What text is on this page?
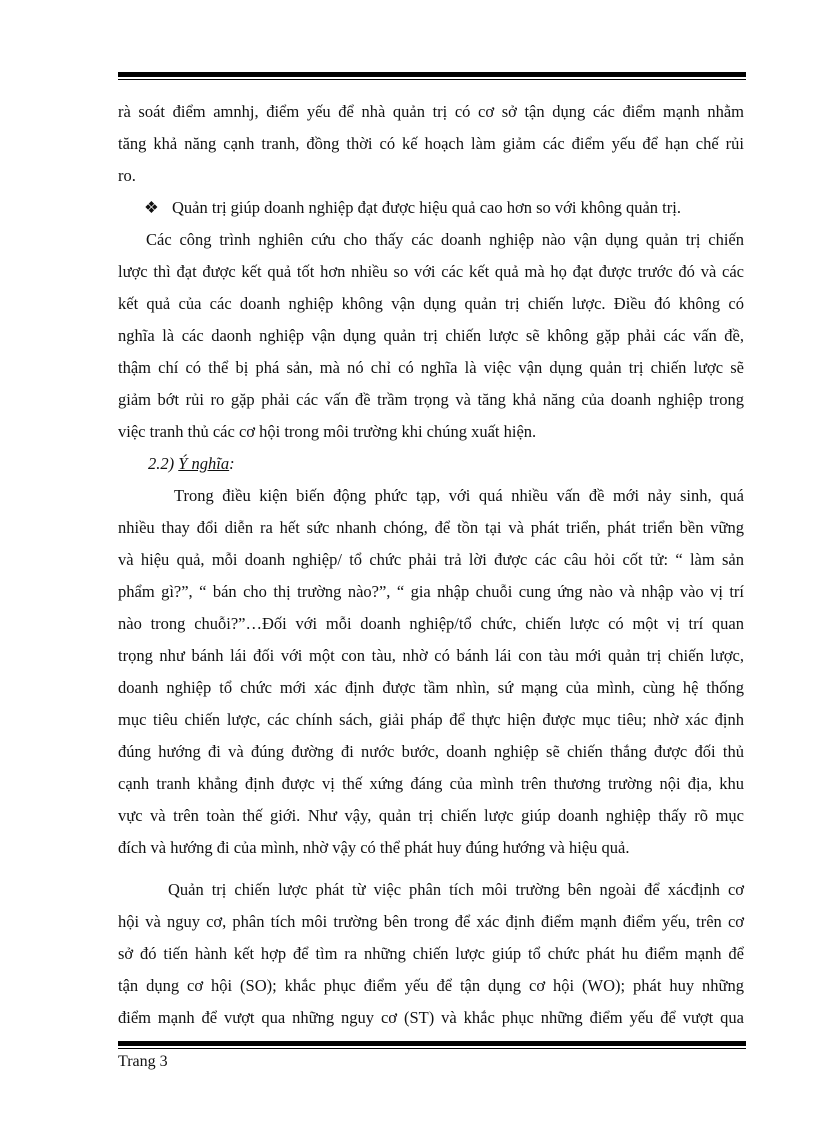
rà soát điểm amnhj, điểm yếu để nhà quản trị có cơ sở tận dụng các điểm mạnh nhằm
tăng khả năng cạnh tranh, đồng thời có kế hoạch làm giảm các điểm yếu để hạn chế rủi
ro.
❖ Quản trị giúp doanh nghiệp đạt được hiệu quả cao hơn so với không quản trị.
Các công trình nghiên cứu cho thấy các doanh nghiệp nào vận dụng quản trị chiến
lược thì đạt được kết quả tốt hơn nhiều so với các kết quả mà họ đạt được trước đó và các
kết quả của các doanh nghiệp không vận dụng quản trị chiến lược. Điều đó không có
nghĩa là các daonh nghiệp vận dụng quản trị chiến lược sẽ không gặp phải các vấn đề,
thậm chí có thể bị phá sản, mà nó chỉ có nghĩa là việc vận dụng quản trị chiến lược sẽ
giảm bớt rủi ro gặp phải các vấn đề trầm trọng và tăng khả năng của doanh nghiệp trong
việc tranh thủ các cơ hội trong môi trường khi chúng xuất hiện.
2.2) Ý nghĩa:
Trong điều kiện biến động phức tạp, với quá nhiều vấn đề mới nảy sinh, quá
nhiều thay đổi diễn ra hết sức nhanh chóng, để tồn tại và phát triển, phát triển bền vững
và hiệu quả, mỗi doanh nghiệp/ tổ chức phải trả lời được các câu hỏi cốt tử: “ làm sản
phẩm gì?”, “ bán cho thị trường nào?”, “ gia nhập chuỗi cung ứng nào và nhập vào vị trí
nào trong chuỗi?”…Đối với mỗi doanh nghiệp/tổ chức, chiến lược có một vị trí quan
trọng như bánh lái đối với một con tàu, nhờ có bánh lái con tàu mới quản trị chiến lược,
doanh nghiệp tổ chức mới xác định được tầm nhìn, sứ mạng của mình, cùng hệ thống
mục tiêu chiến lược, các chính sách, giải pháp để thực hiện được mục tiêu; nhờ xác định
đúng hướng đi và đúng đường đi nước bước, doanh nghiệp sẽ chiến thắng được đối thủ
cạnh tranh khẳng định được vị thế xứng đáng của mình trên thương trường nội địa, khu
vực và trên toàn thế giới. Như vậy, quản trị chiến lược giúp doanh nghiệp thấy rõ mục
đích và hướng đi của mình, nhờ vậy có thể phát huy đúng hướng và hiệu quả.
Quản trị chiến lược phát từ việc phân tích môi trường bên ngoài để xácđịnh cơ
hội và nguy cơ, phân tích môi trường bên trong để xác định điểm mạnh điểm yếu, trên cơ
sở đó tiến hành kết hợp để tìm ra những chiến lược giúp tổ chức phát hu điểm mạnh để
tận dụng cơ hội (SO); khắc phục điểm yếu để tận dụng cơ hội (WO); phát huy những
điểm mạnh để vượt qua những nguy cơ (ST) và khắc phục những điểm yếu để vượt qua
Trang 3
